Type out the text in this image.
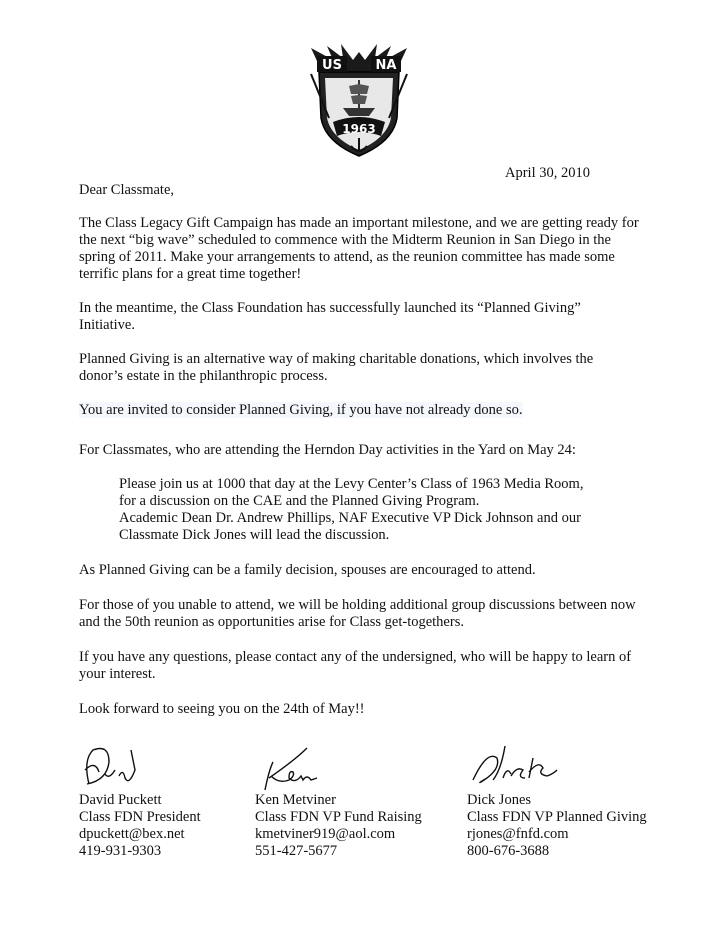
US	NA
1963
April 30, 2010

Dear Classmate,

The Class Legacy Gift Campaign has made an important milestone, and we are getting ready for the next “big wave” scheduled to commence with the Midterm Reunion in San Diego in the spring of 2011. Make your arrangements to attend, as the reunion committee has made some terrific plans for a great time together!

In the meantime, the Class Foundation has successfully launched its “Planned Giving” Initiative.

Planned Giving is an alternative way of making charitable donations, which involves the donor’s estate in the philanthropic process.

You are invited to consider Planned Giving, if you have not already done so.

For Classmates, who are attending the Herndon Day activities in the Yard on May 24:

Please join us at 1000 that day at the Levy Center’s Class of 1963 Media Room,
for a discussion on the CAE and the Planned Giving Program.
Academic Dean Dr. Andrew Phillips, NAF Executive VP Dick Johnson and our
Classmate Dick Jones will lead the discussion.

As Planned Giving can be a family decision, spouses are encouraged to attend.

For those of you unable to attend, we will be holding additional group discussions between now and the 50th reunion as opportunities arise for Class get-togethers.

If you have any questions, please contact any of the undersigned, who will be happy to learn of your interest.

Look forward to seeing you on the 24th of May!!

David Puckett
Class FDN President
dpuckett@bex.net
419-931-9303
Ken Metviner
Class FDN VP Fund Raising
kmetviner919@aol.com
551-427-5677
Dick Jones
Class FDN VP Planned Giving
rjones@fnfd.com
800-676-3688
